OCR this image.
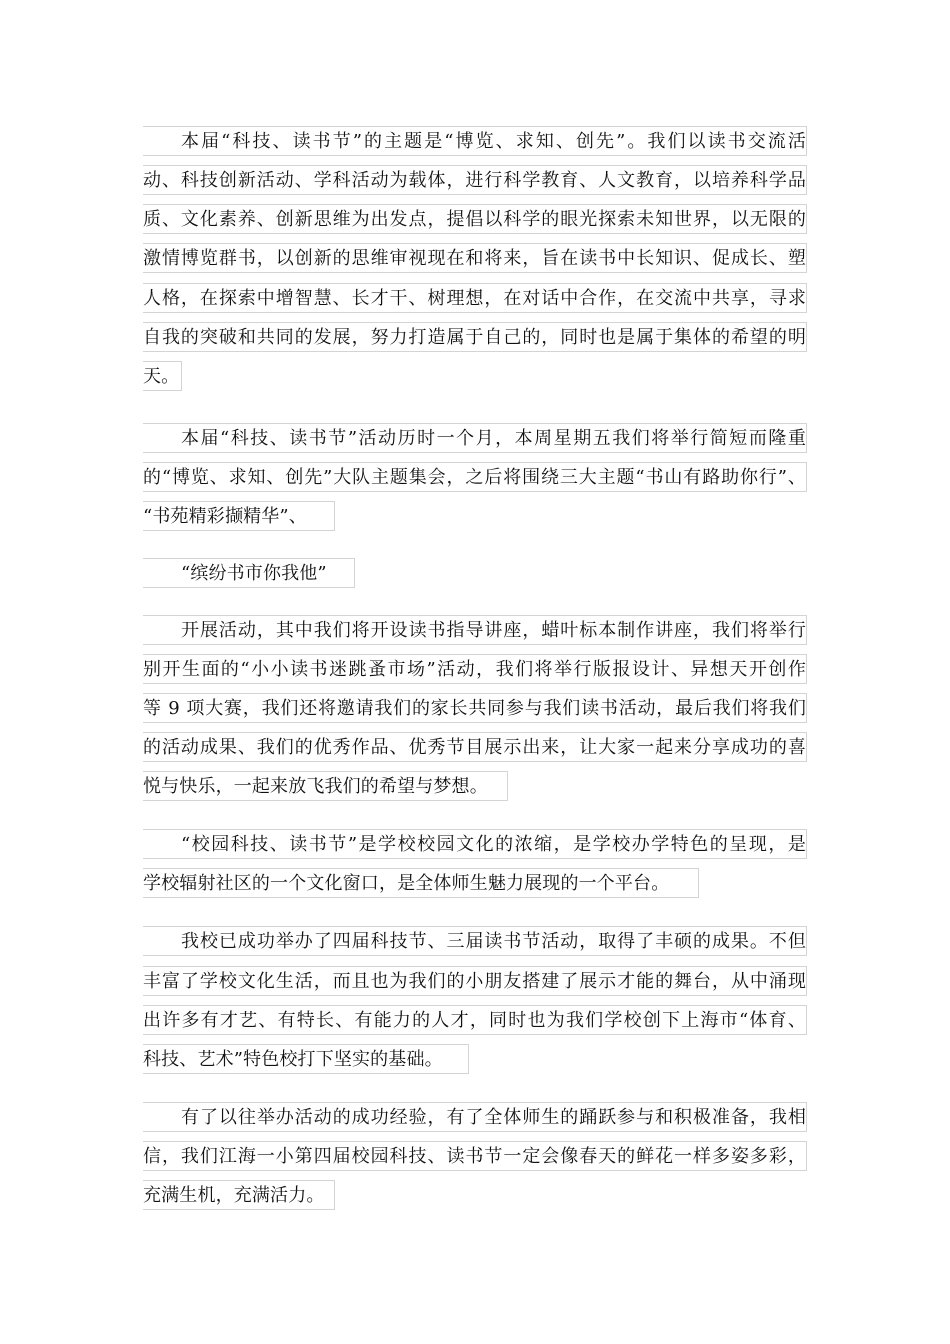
本届“科技、读书节”的主题是“博览、求知、创先”。我们以读书交流活
动、科技创新活动、学科活动为载体，进行科学教育、人文教育，以培养科学品
质、文化素养、创新思维为出发点，提倡以科学的眼光探索未知世界，以无限的
激情博览群书，以创新的思维审视现在和将来，旨在读书中长知识、促成长、塑
人格，在探索中增智慧、长才干、树理想，在对话中合作，在交流中共享，寻求
自我的突破和共同的发展，努力打造属于自己的，同时也是属于集体的希望的明
天。
本届“科技、读书节”活动历时一个月，本周星期五我们将举行简短而隆重
的“博览、求知、创先”大队主题集会，之后将围绕三大主题“书山有路助你行”、
“书苑精彩撷精华”、
“缤纷书市你我他”
开展活动，其中我们将开设读书指导讲座，蜡叶标本制作讲座，我们将举行
别开生面的“小小读书迷跳蚤市场”活动，我们将举行版报设计、异想天开创作
等 9 项大赛，我们还将邀请我们的家长共同参与我们读书活动，最后我们将我们
的活动成果、我们的优秀作品、优秀节目展示出来，让大家一起来分享成功的喜
悦与快乐，一起来放飞我们的希望与梦想。
“校园科技、读书节”是学校校园文化的浓缩，是学校办学特色的呈现，是
学校辐射社区的一个文化窗口，是全体师生魅力展现的一个平台。
我校已成功举办了四届科技节、三届读书节活动，取得了丰硕的成果。不但
丰富了学校文化生活，而且也为我们的小朋友搭建了展示才能的舞台，从中涌现
出许多有才艺、有特长、有能力的人才，同时也为我们学校创下上海市“体育、
科技、艺术”特色校打下坚实的基础。
有了以往举办活动的成功经验，有了全体师生的踊跃参与和积极准备，我相
信，我们江海一小第四届校园科技、读书节一定会像春天的鲜花一样多姿多彩，
充满生机，充满活力。
